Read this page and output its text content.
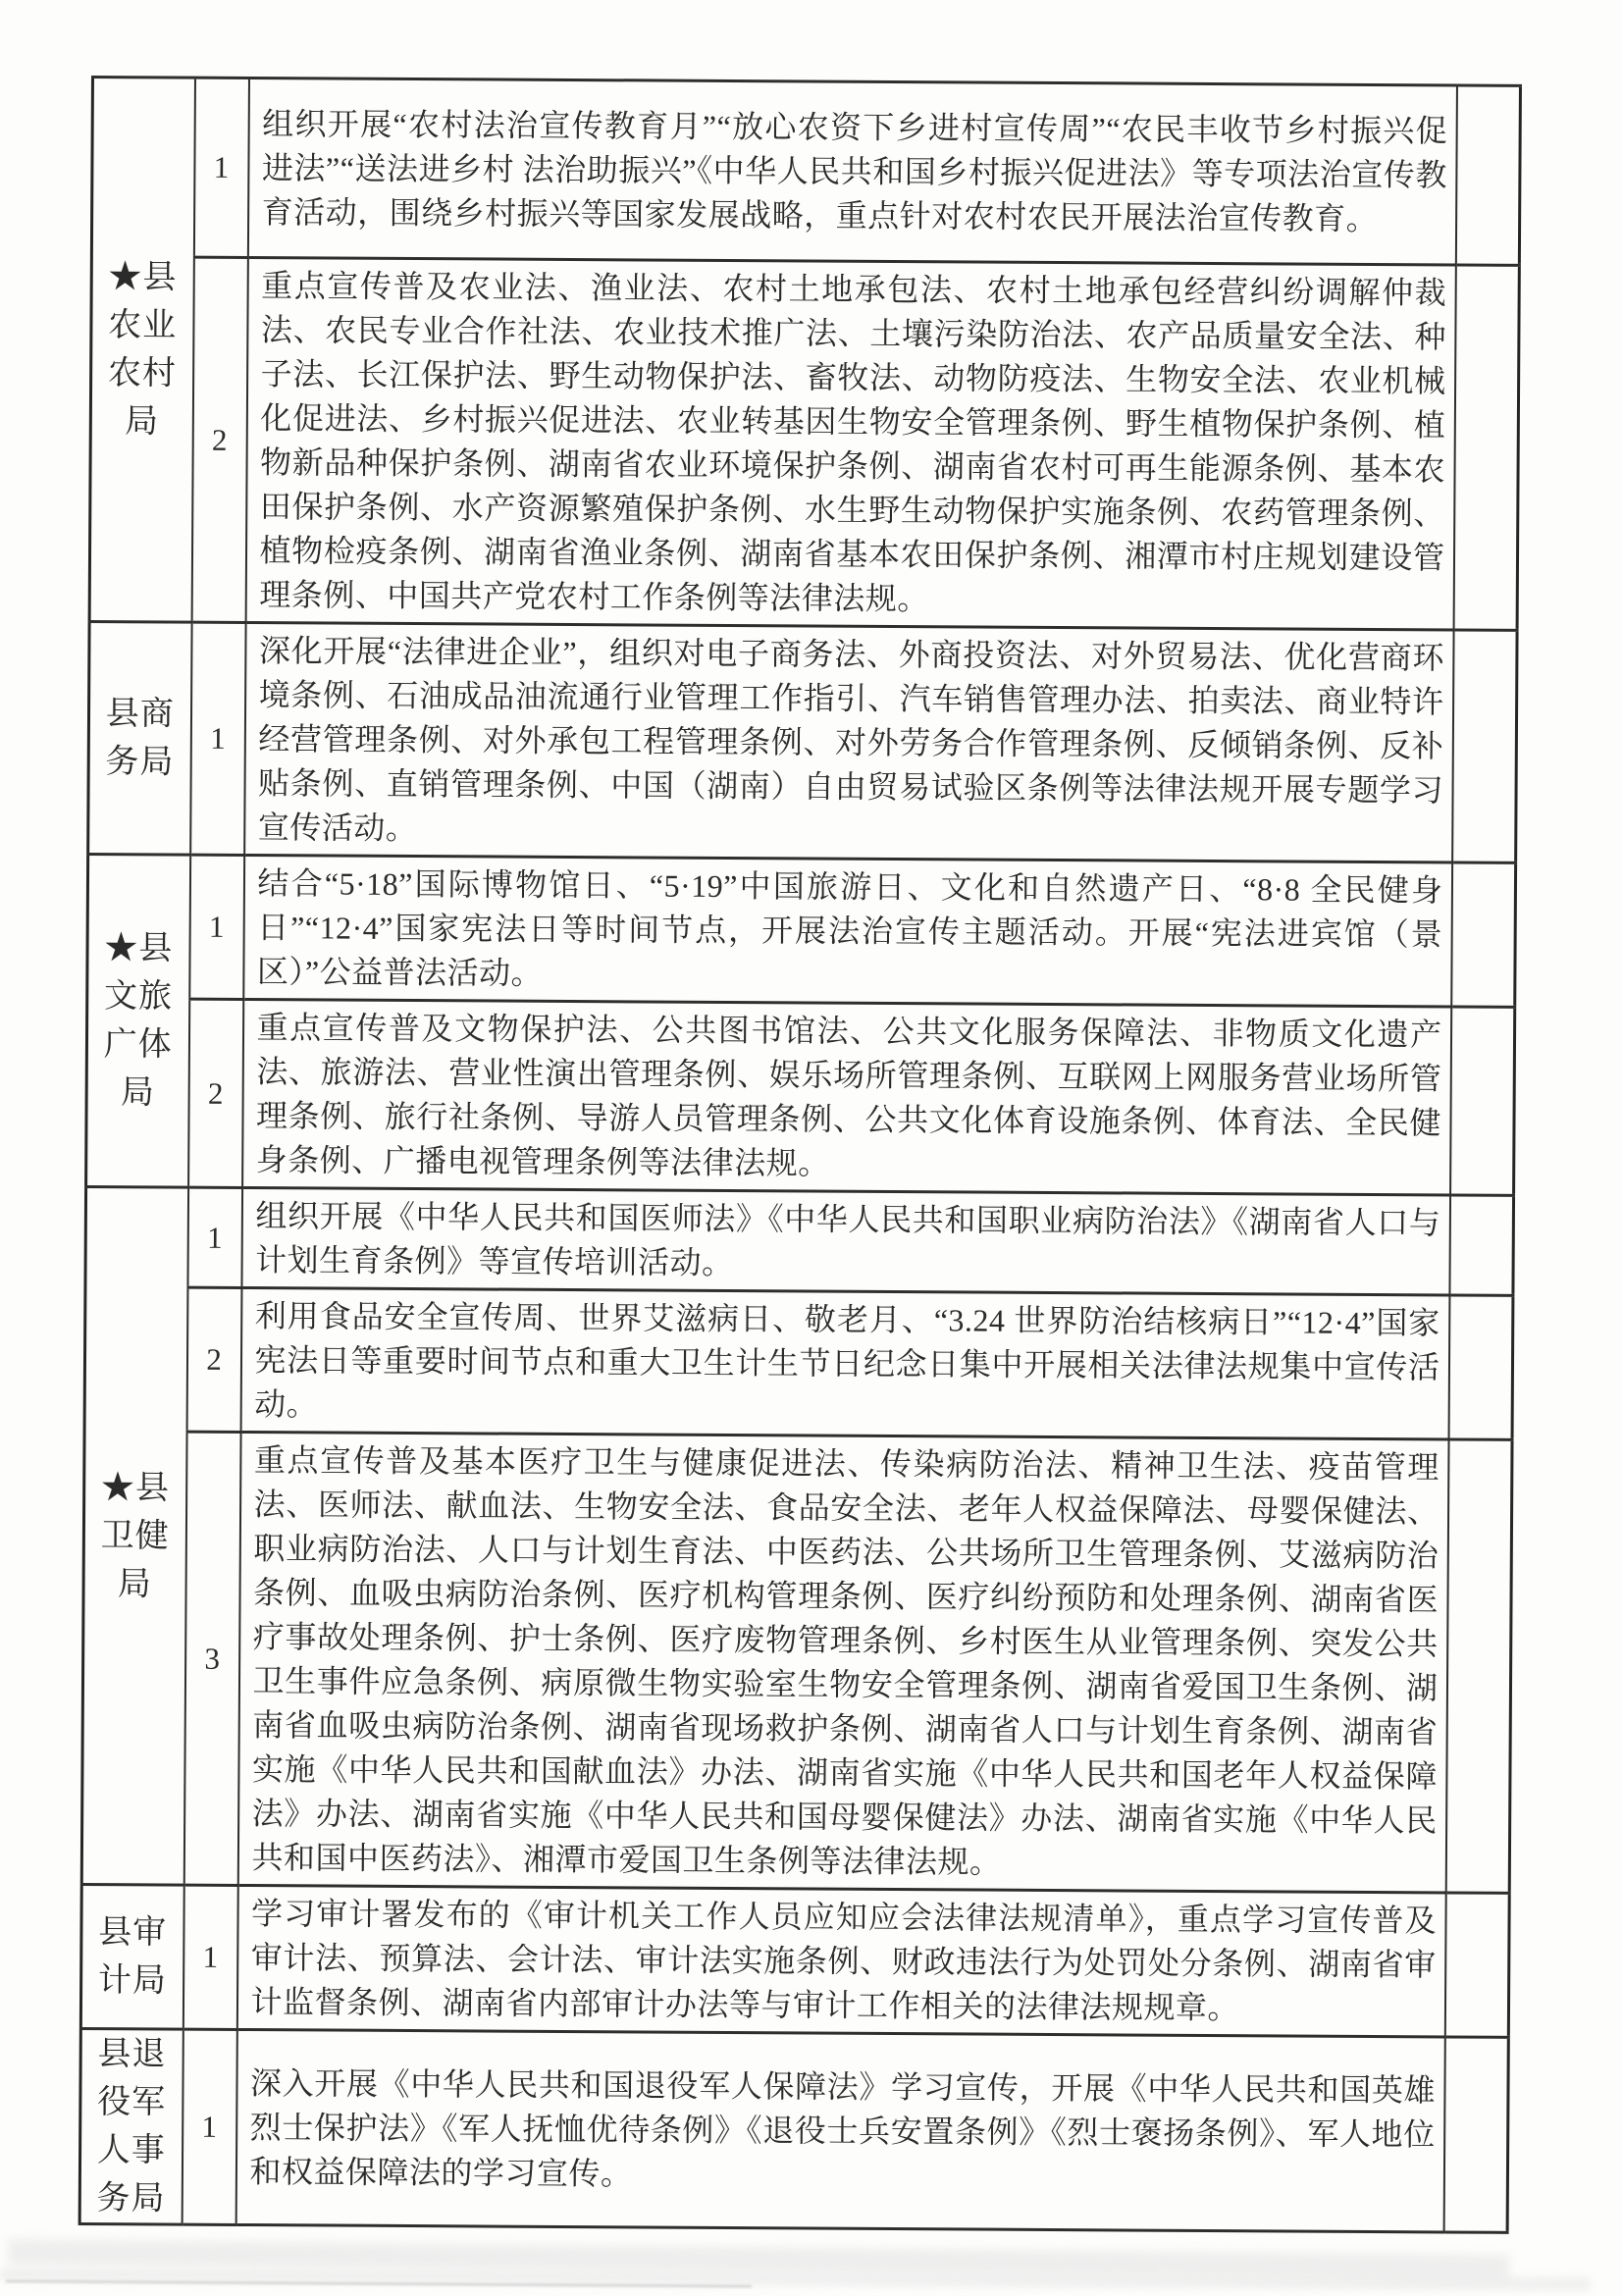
★县农业农村局	1	组织开展“农村法治宣传教育月”“放心农资下乡进村宣传周”“农民丰收节乡村振兴促进法”“送法进乡村 法治助振兴”《中华人民共和国乡村振兴促进法》等专项法治宣传教育活动，围绕乡村振兴等国家发展战略，重点针对农村农民开展法治宣传教育。	
	2	重点宣传普及农业法、渔业法、农村土地承包法、农村土地承包经营纠纷调解仲裁法、农民专业合作社法、农业技术推广法、土壤污染防治法、农产品质量安全法、种子法、长江保护法、野生动物保护法、畜牧法、动物防疫法、生物安全法、农业机械化促进法、乡村振兴促进法、农业转基因生物安全管理条例、野生植物保护条例、植物新品种保护条例、湖南省农业环境保护条例、湖南省农村可再生能源条例、基本农田保护条例、水产资源繁殖保护条例、水生野生动物保护实施条例、农药管理条例、植物检疫条例、湖南省渔业条例、湖南省基本农田保护条例、湘潭市村庄规划建设管理条例、中国共产党农村工作条例等法律法规。	
县商务局	1	深化开展“法律进企业”，组织对电子商务法、外商投资法、对外贸易法、优化营商环境条例、石油成品油流通行业管理工作指引、汽车销售管理办法、拍卖法、商业特许经营管理条例、对外承包工程管理条例、对外劳务合作管理条例、反倾销条例、反补贴条例、直销管理条例、中国（湖南）自由贸易试验区条例等法律法规开展专题学习宣传活动。	
★县文旅广体局	1	结合“5·18”国际博物馆日、“5·19”中国旅游日、文化和自然遗产日、“8·8 全民健身日”“12·4”国家宪法日等时间节点，开展法治宣传主题活动。开展“宪法进宾馆（景区）”公益普法活动。	
	2	重点宣传普及文物保护法、公共图书馆法、公共文化服务保障法、非物质文化遗产法、旅游法、营业性演出管理条例、娱乐场所管理条例、互联网上网服务营业场所管理条例、旅行社条例、导游人员管理条例、公共文化体育设施条例、体育法、全民健身条例、广播电视管理条例等法律法规。	
★县卫健局	1	组织开展《中华人民共和国医师法》《中华人民共和国职业病防治法》《湖南省人口与计划生育条例》等宣传培训活动。	
	2	利用食品安全宣传周、世界艾滋病日、敬老月、“3.24 世界防治结核病日”“12·4”国家宪法日等重要时间节点和重大卫生计生节日纪念日集中开展相关法律法规集中宣传活动。	
	3	重点宣传普及基本医疗卫生与健康促进法、传染病防治法、精神卫生法、疫苗管理法、医师法、献血法、生物安全法、食品安全法、老年人权益保障法、母婴保健法、职业病防治法、人口与计划生育法、中医药法、公共场所卫生管理条例、艾滋病防治条例、血吸虫病防治条例、医疗机构管理条例、医疗纠纷预防和处理条例、湖南省医疗事故处理条例、护士条例、医疗废物管理条例、乡村医生从业管理条例、突发公共卫生事件应急条例、病原微生物实验室生物安全管理条例、湖南省爱国卫生条例、湖南省血吸虫病防治条例、湖南省现场救护条例、湖南省人口与计划生育条例、湖南省实施《中华人民共和国献血法》办法、湖南省实施《中华人民共和国老年人权益保障法》办法、湖南省实施《中华人民共和国母婴保健法》办法、湖南省实施《中华人民共和国中医药法》、湘潭市爱国卫生条例等法律法规。	
县审计局	1	学习审计署发布的《审计机关工作人员应知应会法律法规清单》，重点学习宣传普及审计法、预算法、会计法、审计法实施条例、财政违法行为处罚处分条例、湖南省审计监督条例、湖南省内部审计办法等与审计工作相关的法律法规规章。	
县退役军人事务局	1	深入开展《中华人民共和国退役军人保障法》学习宣传，开展《中华人民共和国英雄烈士保护法》《军人抚恤优待条例》《退役士兵安置条例》《烈士褒扬条例》、军人地位和权益保障法的学习宣传。	
